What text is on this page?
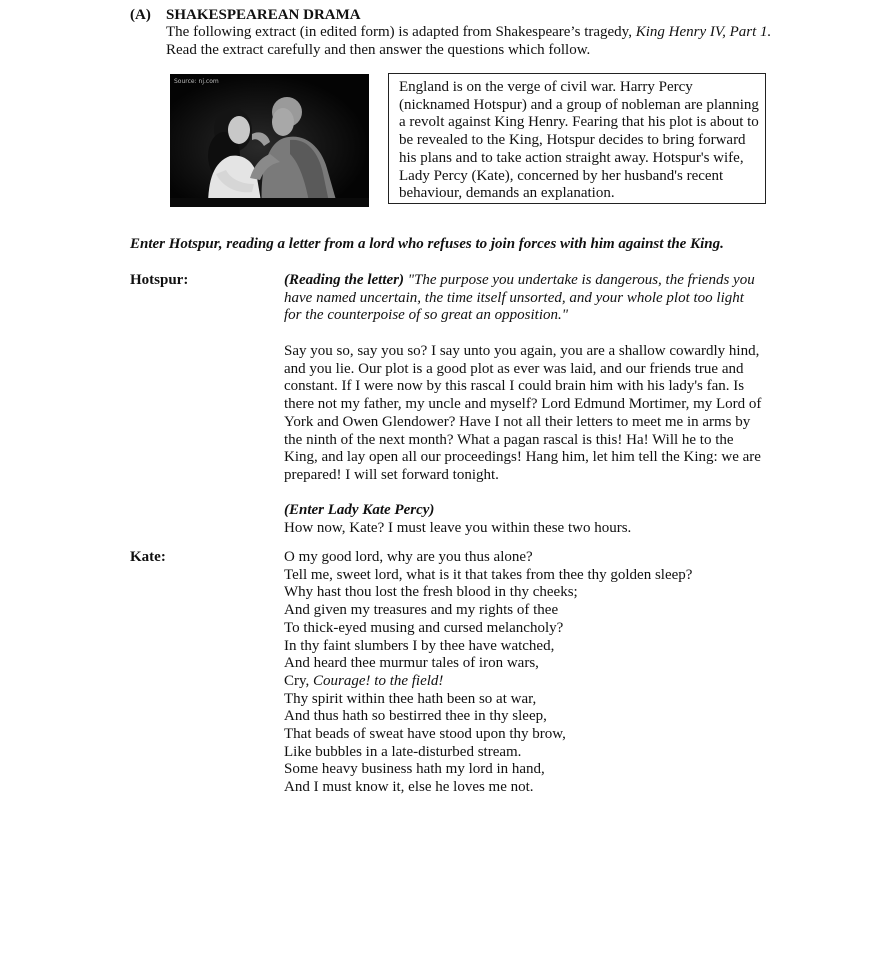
(A) SHAKESPEAREAN DRAMA
The following extract (in edited form) is adapted from Shakespeare’s tragedy, King Henry IV, Part 1. Read the extract carefully and then answer the questions which follow.
Source: nj.com	England is on the verge of civil war. Harry Percy (nicknamed Hotspur) and a group of nobleman are planning a revolt against King Henry. Fearing that his plot is about to be revealed to the King, Hotspur decides to bring forward his plans and to take action straight away. Hotspur's wife, Lady Percy (Kate), concerned by her husband's recent behaviour, demands an explanation.
Enter Hotspur, reading a letter from a lord who refuses to join forces with him against the King.
Hotspur:	(Reading the letter) "The purpose you undertake is dangerous, the friends you have named uncertain, the time itself unsorted, and your whole plot too light for the counterpoise of so great an opposition."
Say you so, say you so? I say unto you again, you are a shallow cowardly hind, and you lie. Our plot is a good plot as ever was laid, and our friends true and constant. If I were now by this rascal I could brain him with his lady's fan. Is there not my father, my uncle and myself? Lord Edmund Mortimer, my Lord of York and Owen Glendower? Have I not all their letters to meet me in arms by the ninth of the next month? What a pagan rascal is this! Ha! Will he to the King, and lay open all our proceedings! Hang him, let him tell the King: we are prepared! I will set forward tonight.
(Enter Lady Kate Percy)
How now, Kate? I must leave you within these two hours.
Kate:	O my good lord, why are you thus alone?
Tell me, sweet lord, what is it that takes from thee thy golden sleep?
Why hast thou lost the fresh blood in thy cheeks;
And given my treasures and my rights of thee
To thick-eyed musing and cursed melancholy?
In thy faint slumbers I by thee have watched,
And heard thee murmur tales of iron wars,
Cry, Courage! to the field!
Thy spirit within thee hath been so at war,
And thus hath so bestirred thee in thy sleep,
That beads of sweat have stood upon thy brow,
Like bubbles in a late-disturbed stream.
Some heavy business hath my lord in hand,
And I must know it, else he loves me not.
